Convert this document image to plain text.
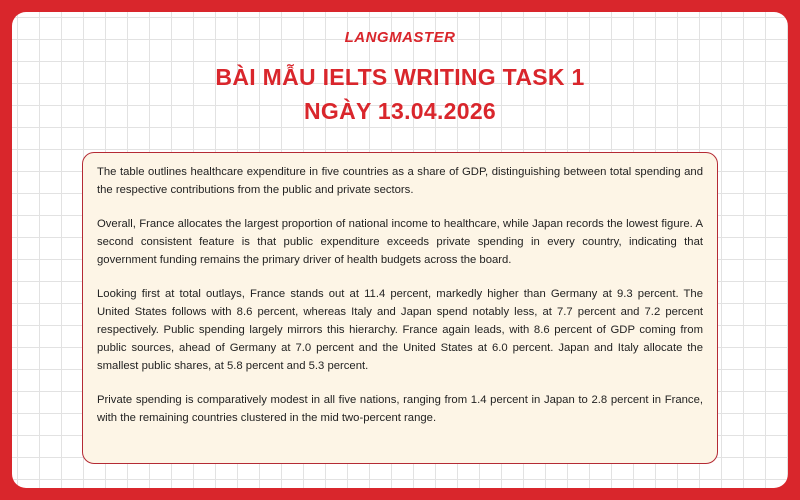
LANGMASTER
BÀI MẪU IELTS WRITING TASK 1
NGÀY 13.04.2026

The table outlines healthcare expenditure in five countries as a share of GDP, distinguishing between total spending and the respective contributions from the public and private sectors.

Overall, France allocates the largest proportion of national income to healthcare, while Japan records the lowest figure. A second consistent feature is that public expenditure exceeds private spending in every country, indicating that government funding remains the primary driver of health budgets across the board.

Looking first at total outlays, France stands out at 11.4 percent, markedly higher than Germany at 9.3 percent. The United States follows with 8.6 percent, whereas Italy and Japan spend notably less, at 7.7 percent and 7.2 percent respectively. Public spending largely mirrors this hierarchy. France again leads, with 8.6 percent of GDP coming from public sources, ahead of Germany at 7.0 percent and the United States at 6.0 percent. Japan and Italy allocate the smallest public shares, at 5.8 percent and 5.3 percent.

Private spending is comparatively modest in all five nations, ranging from 1.4 percent in Japan to 2.8 percent in France, with the remaining countries clustered in the mid two-percent range.
